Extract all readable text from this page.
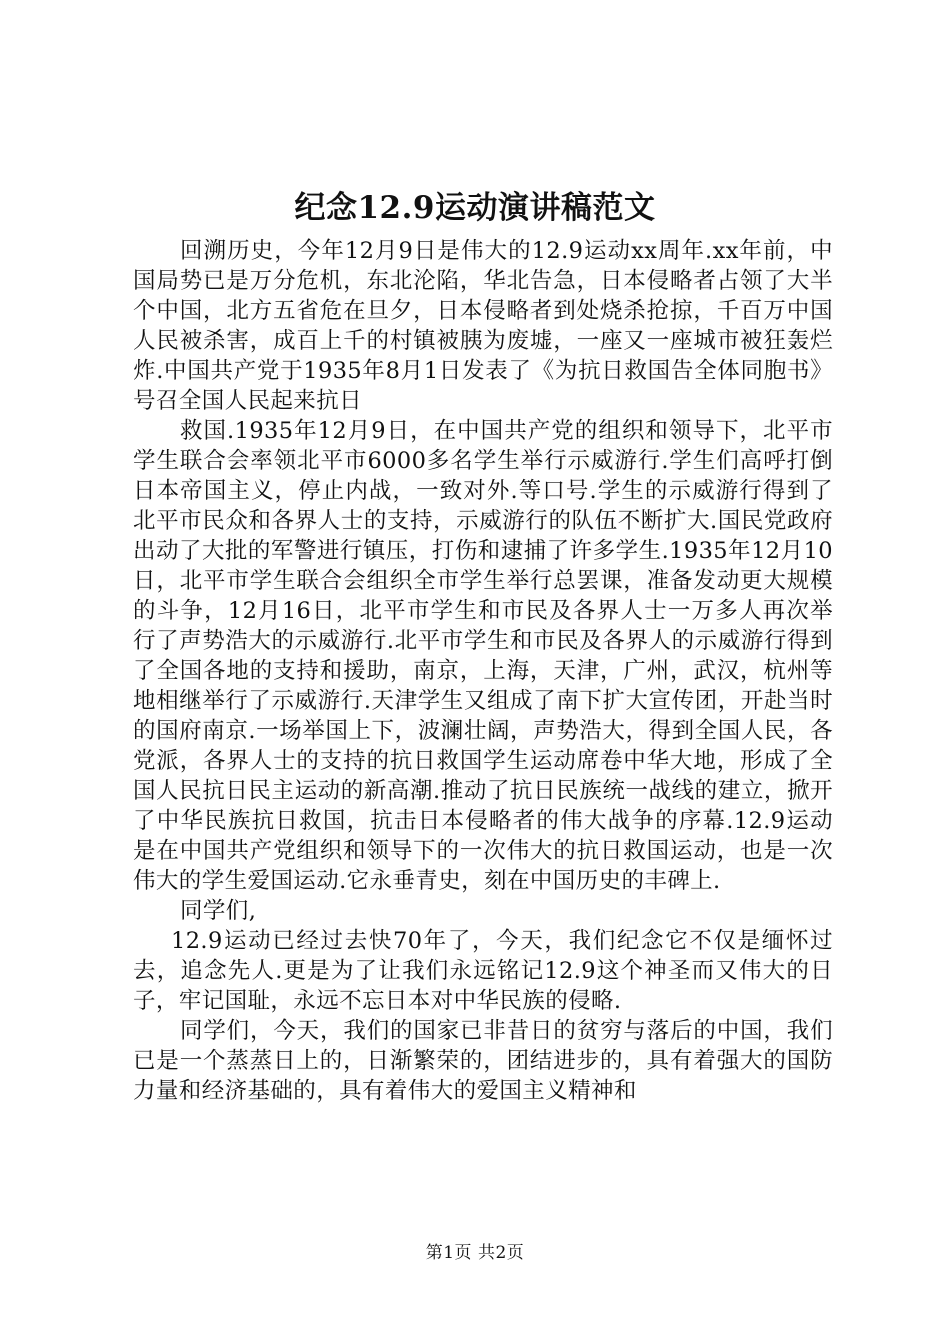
纪念12.9运动演讲稿范文

回溯历史，今年12月9日是伟大的12.9运动xx周年.xx年前，中国局势已是万分危机，东北沦陷，华北告急，日本侵略者占领了大半个中国，北方五省危在旦夕，日本侵略者到处烧杀抢掠，千百万中国人民被杀害，成百上千的村镇被胰为废墟，一座又一座城市被狂轰烂炸.中国共产党于1935年8月1日发表了《为抗日救国告全体同胞书》号召全国人民起来抗日

救国.1935年12月9日，在中国共产党的组织和领导下，北平市学生联合会率领北平市6000多名学生举行示威游行.学生们高呼打倒日本帝国主义，停止内战，一致对外.等口号.学生的示威游行得到了北平市民众和各界人士的支持，示威游行的队伍不断扩大.国民党政府出动了大批的军警进行镇压，打伤和逮捕了许多学生.1935年12月10日，北平市学生联合会组织全市学生举行总罢课，准备发动更大规模的斗争，12月16日，北平市学生和市民及各界人士一万多人再次举行了声势浩大的示威游行.北平市学生和市民及各界人的示威游行得到了全国各地的支持和援助，南京，上海，天津，广州，武汉，杭州等地相继举行了示威游行.天津学生又组成了南下扩大宣传团，开赴当时的国府南京.一场举国上下，波澜壮阔，声势浩大，得到全国人民，各党派，各界人士的支持的抗日救国学生运动席卷中华大地，形成了全国人民抗日民主运动的新高潮.推动了抗日民族统一战线的建立，掀开了中华民族抗日救国，抗击日本侵略者的伟大战争的序幕.12.9运动是在中国共产党组织和领导下的一次伟大的抗日救国运动，也是一次伟大的学生爱国运动.它永垂青史，刻在中国历史的丰碑上.

同学们,

12.9运动已经过去快70年了，今天，我们纪念它不仅是缅怀过去，追念先人.更是为了让我们永远铭记12.9这个神圣而又伟大的日子，牢记国耻，永远不忘日本对中华民族的侵略.

同学们，今天，我们的国家已非昔日的贫穷与落后的中国，我们已是一个蒸蒸日上的，日渐繁荣的，团结进步的，具有着强大的国防力量和经济基础的，具有着伟大的爱国主义精神和

第1页 共2页
